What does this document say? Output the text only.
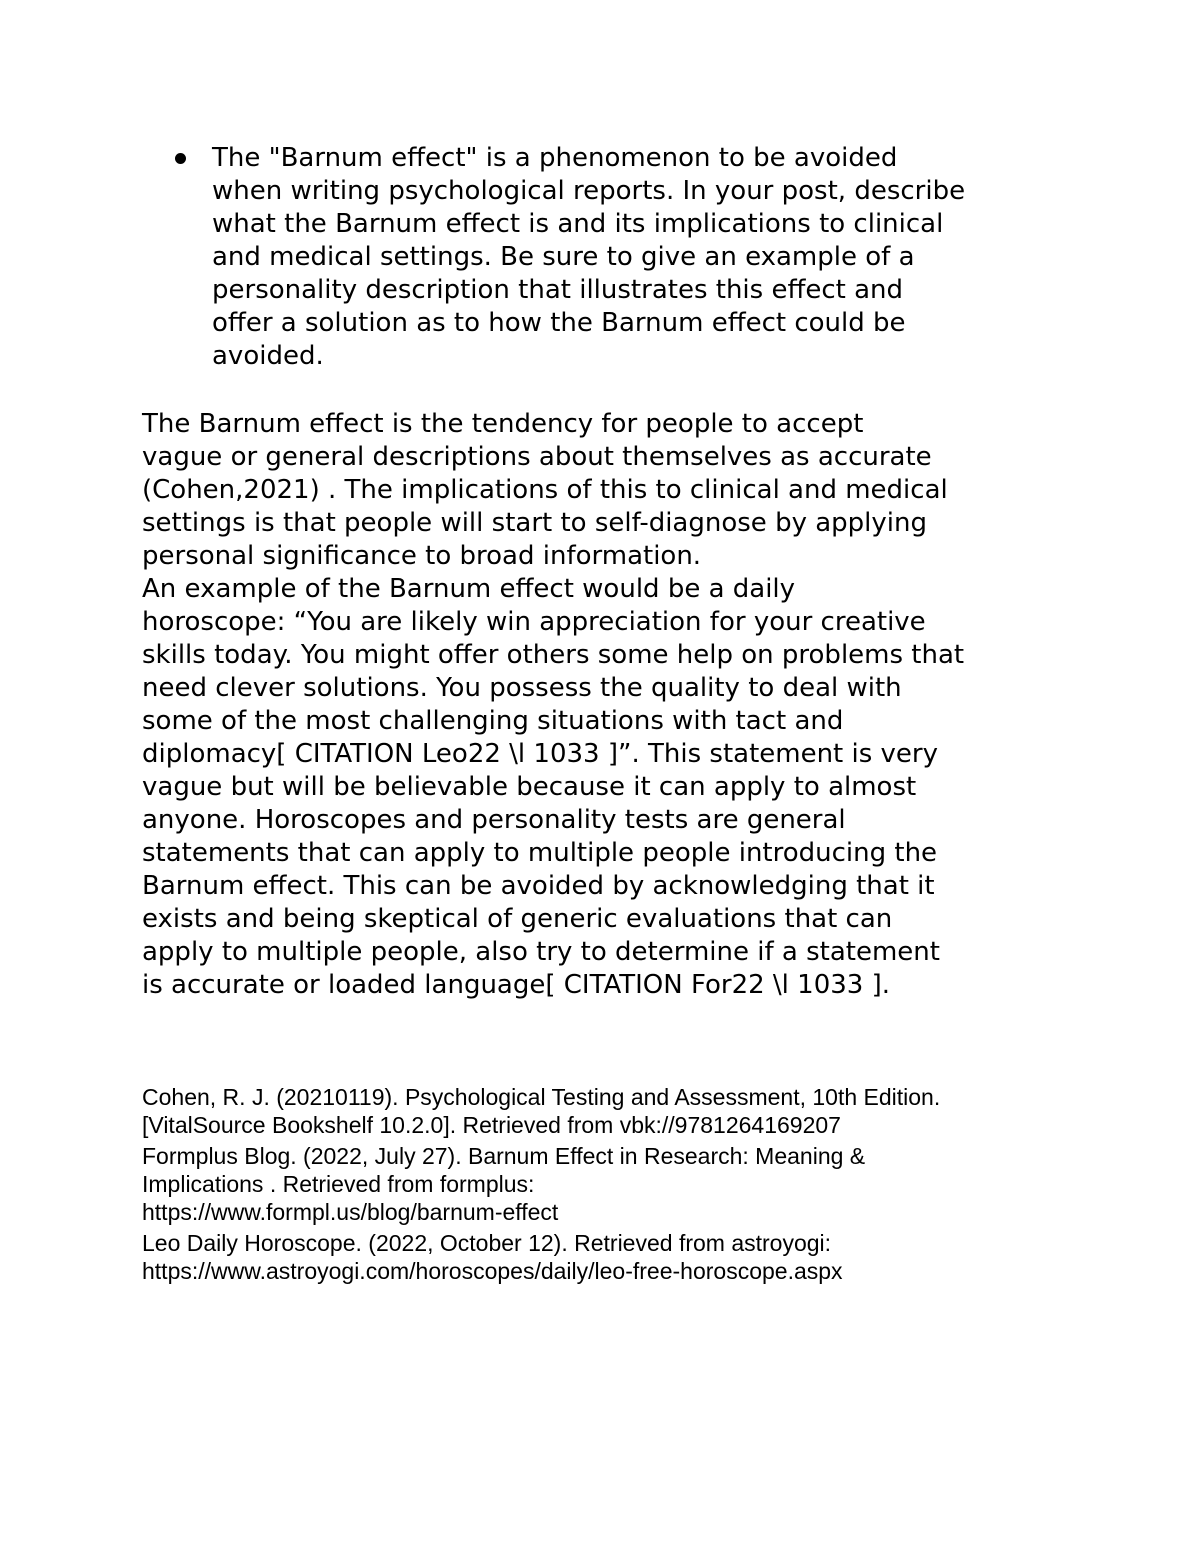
The "Barnum effect" is a phenomenon to be avoided
when writing psychological reports. In your post, describe
what the Barnum effect is and its implications to clinical
and medical settings. Be sure to give an example of a
personality description that illustrates this effect and
offer a solution as to how the Barnum effect could be
avoided.

The Barnum effect is the tendency for people to accept
vague or general descriptions about themselves as accurate
(Cohen,2021) . The implications of this to clinical and medical
settings is that people will start to self-diagnose by applying
personal significance to broad information.

An example of the Barnum effect would be a daily
horoscope: “You are likely win appreciation for your creative
skills today. You might offer others some help on problems that
need clever solutions. You possess the quality to deal with
some of the most challenging situations with tact and
diplomacy[ CITATION Leo22 \l 1033 ]”. This statement is very
vague but will be believable because it can apply to almost
anyone. Horoscopes and personality tests are general
statements that can apply to multiple people introducing the
Barnum effect. This can be avoided by acknowledging that it
exists and being skeptical of generic evaluations that can
apply to multiple people, also try to determine if a statement
is accurate or loaded language[ CITATION For22 \l 1033 ].

Cohen, R. J. (20210119). Psychological Testing and Assessment, 10th Edition.
[VitalSource Bookshelf 10.2.0]. Retrieved from vbk://9781264169207

Formplus Blog. (2022, July 27). Barnum Effect in Research: Meaning &
Implications . Retrieved from formplus:
https://www.formpl.us/blog/barnum-effect

Leo Daily Horoscope. (2022, October 12). Retrieved from astroyogi:
https://www.astroyogi.com/horoscopes/daily/leo-free-horoscope.aspx
